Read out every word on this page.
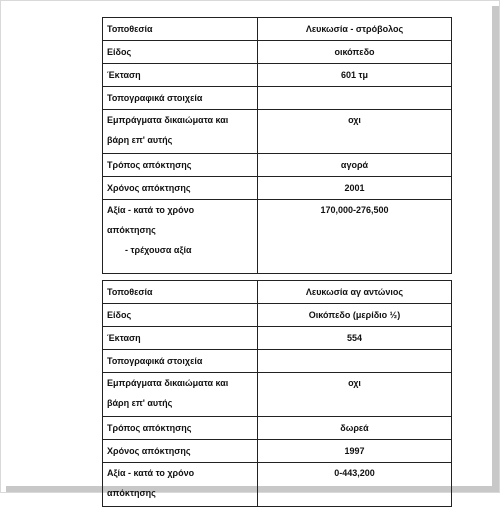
Τοποθεσία	Λευκωσία - στρόβολος
Είδος	οικόπεδο
Έκταση	601 τμ
Τοπογραφικά στοιχεία	

Εμπράγματα δικαιώματα και
βάρη επ' αυτής	οχι
Τρόπος απόκτησης	αγορά
Χρόνος απόκτησης	2001

Αξία - κατά το χρόνο
απόκτησης
- τρέχουσα αξία	170,000-276,500
Τοποθεσία	Λευκωσία αγ αντώνιος
Είδος	Οικόπεδο (μερίδιο ½)
Έκταση	554
Τοπογραφικά στοιχεία	

Εμπράγματα δικαιώματα και
βάρη επ' αυτής	οχι
Τρόπος απόκτησης	δωρεά
Χρόνος απόκτησης	1997

Αξία - κατά το χρόνο
απόκτησης	0-443,200
